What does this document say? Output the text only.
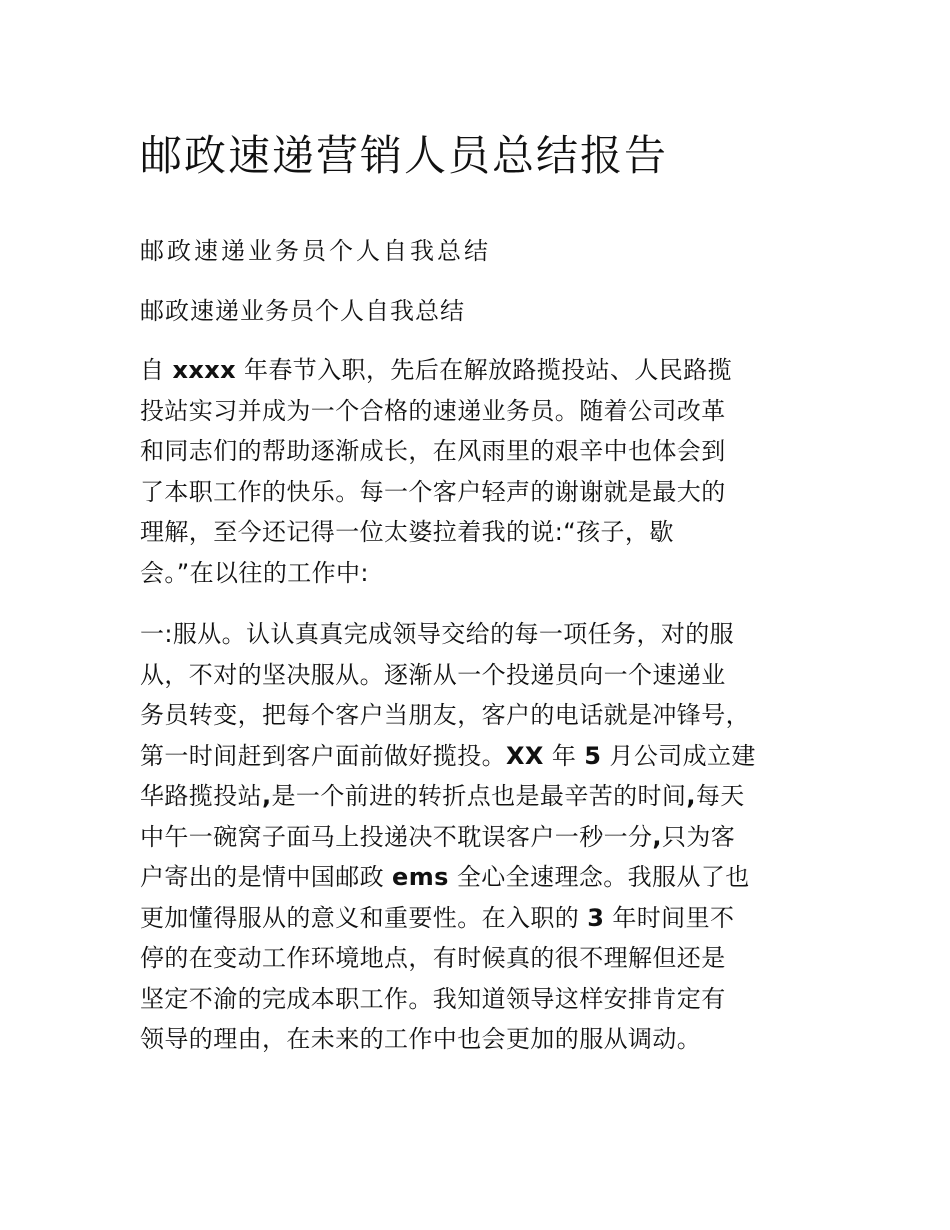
邮政速递营销人员总结报告

邮政速递业务员个人自我总结

邮政速递业务员个人自我总结

自 xxxx 年春节入职，先后在解放路揽投站、人民路揽
投站实习并成为一个合格的速递业务员。随着公司改革
和同志们的帮助逐渐成长，在风雨里的艰辛中也体会到
了本职工作的快乐。每一个客户轻声的谢谢就是最大的
理解，至今还记得一位太婆拉着我的说:“孩子，歇
会。”在以往的工作中:
一:服从。认认真真完成领导交给的每一项任务，对的服
从，不对的坚决服从。逐渐从一个投递员向一个速递业
务员转变，把每个客户当朋友，客户的电话就是冲锋号，
第一时间赶到客户面前做好揽投。XX 年 5 月公司成立建
华路揽投站,是一个前进的转折点也是最辛苦的时间,每天
中午一碗窝子面马上投递决不耽误客户一秒一分,只为客
户寄出的是情中国邮政 ems 全心全速理念。我服从了也
更加懂得服从的意义和重要性。在入职的 3 年时间里不
停的在变动工作环境地点，有时候真的很不理解但还是
坚定不渝的完成本职工作。我知道领导这样安排肯定有
领导的理由，在未来的工作中也会更加的服从调动。
